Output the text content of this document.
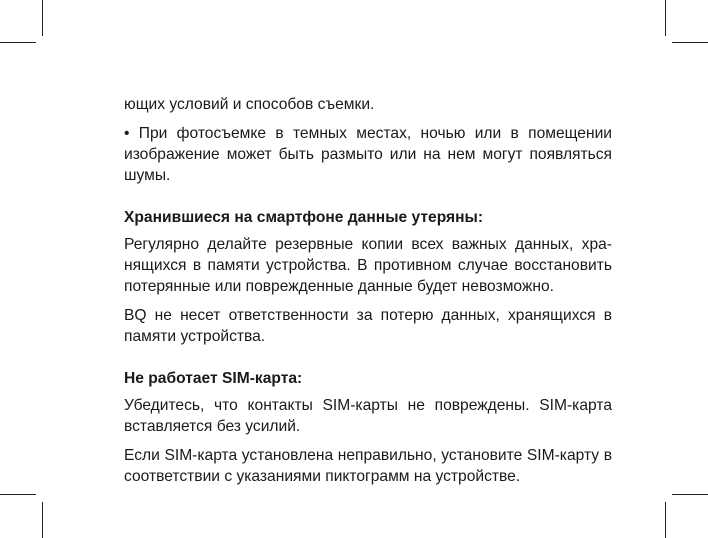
ющих условий и способов съемки.

• При фотосъемке в темных местах, ночью или в помещении изображение может быть размыто или на нем могут появляться шумы.

Хранившиеся на смартфоне данные утеряны:

Регулярно делайте резервные копии всех важных данных, хранящихся в памяти устройства. В противном случае восстановить потерянные или поврежденные данные будет невозможно.

BQ не несет ответственности за потерю данных, хранящихся в памяти устройства.

Не работает SIM-карта:

Убедитесь, что контакты SIM-карты не повреждены. SIM-карта вставляется без усилий.

Если SIM-карта установлена неправильно, установите SIM-карту в соответствии с указаниями пиктограмм на устройстве.
